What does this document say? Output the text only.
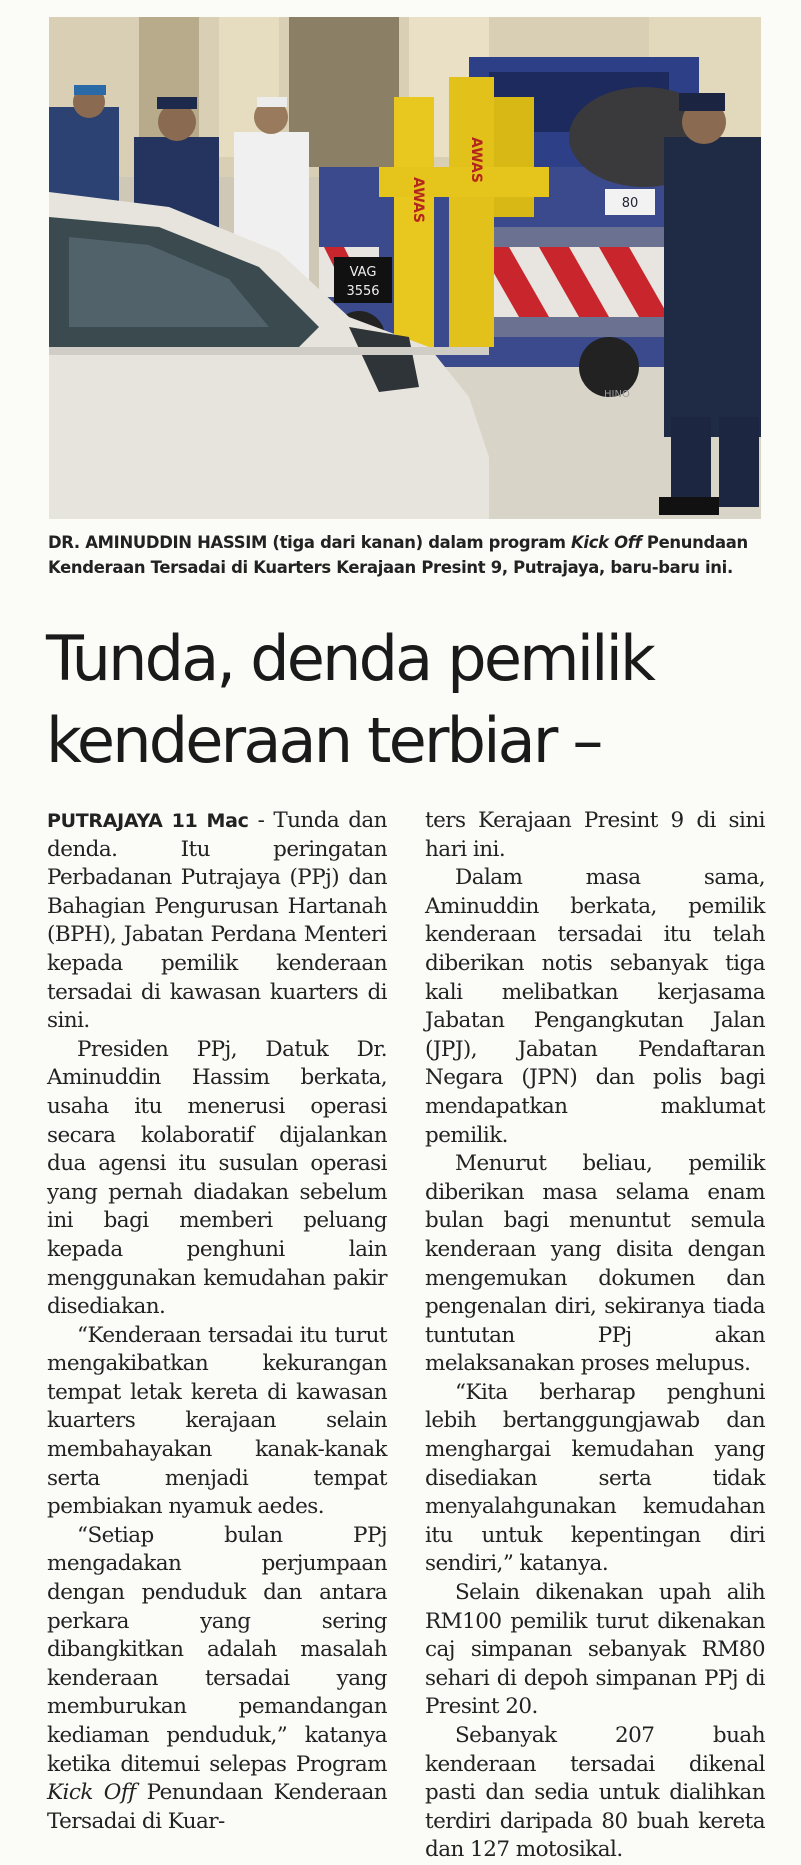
VAG
3556
AWAS
AWAS
80
HINO
DR. AMINUDDIN HASSIM (tiga dari kanan) dalam program Kick Off Penundaan Kenderaan Tersadai di Kuarters Kerajaan Presint 9, Putrajaya, baru-baru ini.
Tunda, denda pemilik
kenderaan terbiar –

PUTRAJAYA 11 Mac - Tunda dan denda. Itu peringatan Perbadanan Putrajaya (PPj) dan Bahagian Pengurusan Hartanah (BPH), Jabatan Perdana Menteri kepada pemilik kenderaan tersadai di kawasan kuarters di sini.

Presiden PPj, Datuk Dr. Aminuddin Hassim berkata, usaha itu menerusi operasi secara kolaboratif dijalankan dua agensi itu susulan operasi yang pernah diadakan sebelum ini bagi memberi peluang kepada penghuni lain menggunakan kemudahan pakir disediakan.

“Kenderaan tersadai itu turut mengakibatkan kekurangan tempat letak kereta di kawasan kuarters kerajaan selain membahayakan kanak-kanak serta menjadi tempat pembiakan nyamuk aedes.

“Setiap bulan PPj mengadakan perjumpaan dengan penduduk dan antara perkara yang sering dibangkitkan adalah masalah kenderaan tersadai yang memburukan pemandangan kediaman penduduk,” katanya ketika ditemui selepas Program Kick Off Penundaan Kenderaan Tersadai di Kuar-

ters Kerajaan Presint 9 di sini hari ini.

Dalam masa sama, Aminuddin berkata, pemilik kenderaan tersadai itu telah diberikan notis sebanyak tiga kali melibatkan kerjasama Jabatan Pengangkutan Jalan (JPJ), Jabatan Pendaftaran Negara (JPN) dan polis bagi mendapatkan maklumat pemilik.

Menurut beliau, pemilik diberikan masa selama enam bulan bagi menuntut semula kenderaan yang disita dengan mengemukan dokumen dan pengenalan diri, sekiranya tiada tuntutan PPj akan melaksanakan proses melupus.

“Kita berharap penghuni lebih bertanggungjawab dan menghargai kemudahan yang disediakan serta tidak menyalahgunakan kemudahan itu untuk kepentingan diri sendiri,” katanya.

Selain dikenakan upah alih RM100 pemilik turut dikenakan caj simpanan sebanyak RM80 sehari di depoh simpanan PPj di Presint 20.

Sebanyak 207 buah kenderaan tersadai dikenal pasti dan sedia untuk dialihkan terdiri daripada 80 buah kereta dan 127 motosikal.
